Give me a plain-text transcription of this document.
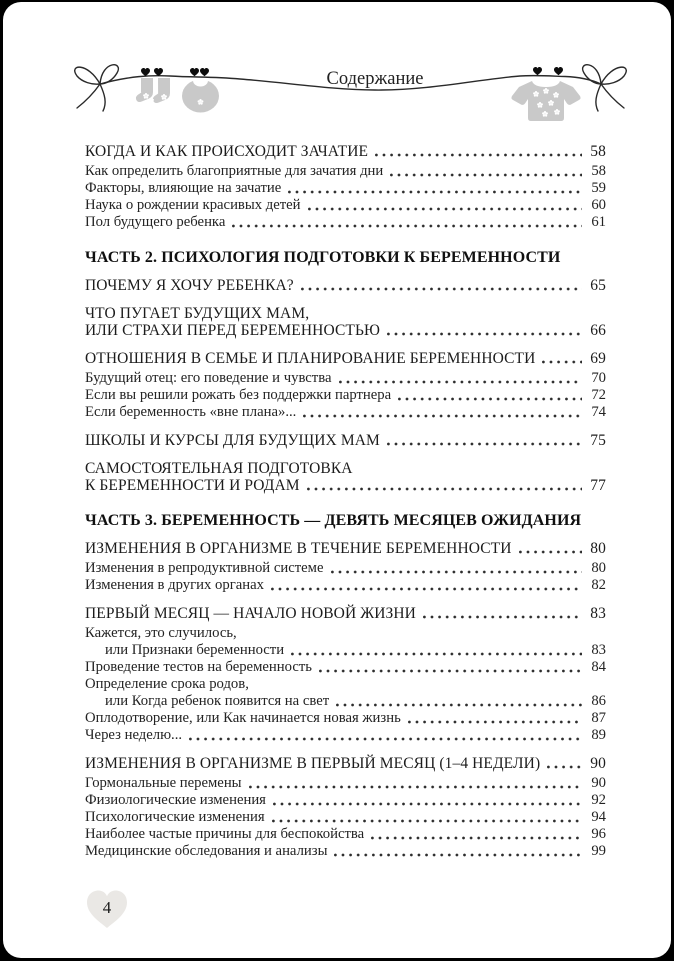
Содержание
КОГДА И КАК ПРОИСХОДИТ ЗАЧАТИЕ	58
Как определить благоприятные для зачатия дни	58
Факторы, влияющие на зачатие	59
Наука о рождении красивых детей	60
Пол будущего ребенка	61
ЧАСТЬ 2. ПСИХОЛОГИЯ ПОДГОТОВКИ К БЕРЕМЕННОСТИ
ПОЧЕМУ Я ХОЧУ РЕБЕНКА?	65
ЧТО ПУГАЕТ БУДУЩИХ МАМ,
ИЛИ СТРАХИ ПЕРЕД БЕРЕМЕННОСТЬЮ	66
ОТНОШЕНИЯ В СЕМЬЕ И ПЛАНИРОВАНИЕ БЕРЕМЕННОСТИ	69
Будущий отец: его поведение и чувства	70
Если вы решили рожать без поддержки партнера	72
Если беременность «вне плана»...	74
ШКОЛЫ И КУРСЫ ДЛЯ БУДУЩИХ МАМ	75
САМОСТОЯТЕЛЬНАЯ ПОДГОТОВКА
К БЕРЕМЕННОСТИ И РОДАМ	77
ЧАСТЬ 3. БЕРЕМЕННОСТЬ — ДЕВЯТЬ МЕСЯЦЕВ ОЖИДАНИЯ
ИЗМЕНЕНИЯ В ОРГАНИЗМЕ В ТЕЧЕНИЕ БЕРЕМЕННОСТИ	80
Изменения в репродуктивной системе	80
Изменения в других органах	82
ПЕРВЫЙ МЕСЯЦ — НАЧАЛО НОВОЙ ЖИЗНИ	83
Кажется, это случилось,
или Признаки беременности	83
Проведение тестов на беременность	84
Определение срока родов,
или Когда ребенок появится на свет	86
Оплодотворение, или Как начинается новая жизнь	87
Через неделю...	89
ИЗМЕНЕНИЯ В ОРГАНИЗМЕ В ПЕРВЫЙ МЕСЯЦ (1–4 НЕДЕЛИ)	90
Гормональные перемены	90
Физиологические изменения	92
Психологические изменения	94
Наиболее частые причины для беспокойства	96
Медицинские обследования и анализы	99
4
